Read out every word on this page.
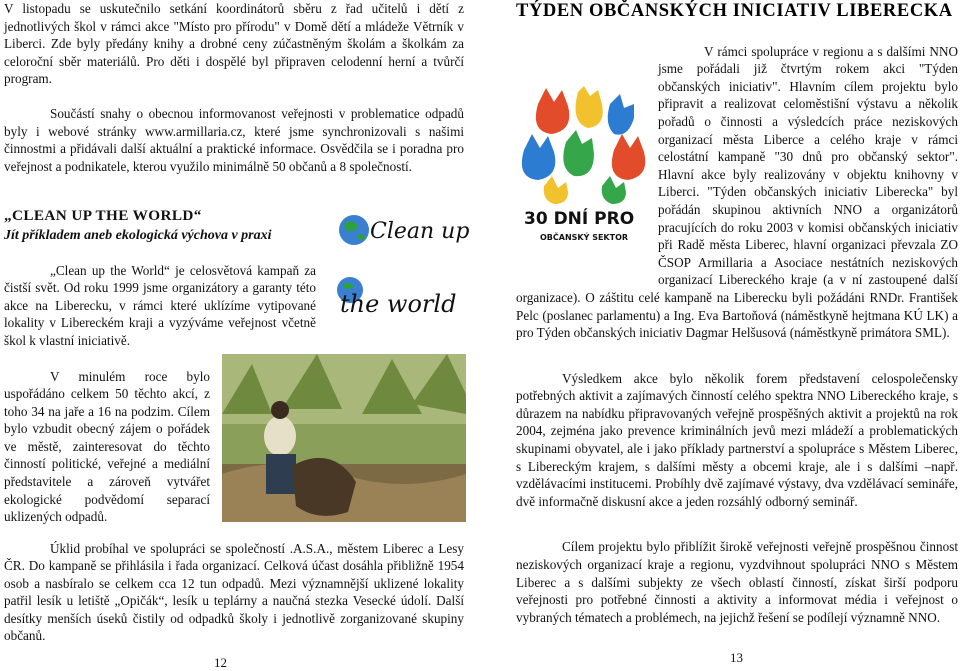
V listopadu se uskutečnilo setkání koordinátorů sběru z řad učitelů i dětí z jednotlivých škol v rámci akce "Místo pro přírodu" v Domě dětí a mládeže Větrník v Liberci. Zde byly předány knihy a drobné ceny zúčastněným školám a školkám za celoroční sběr materiálů. Pro děti i dospělé byl připraven celodenní herní a tvůrčí program.

Součástí snahy o obecnou informovanost veřejnosti v problematice odpadů byly i webové stránky www.armillaria.cz, které jsme synchronizovali s našimi činnostmi a přidávali další aktuální a praktické informace. Osvědčila se i poradna pro veřejnost a podnikatele, kterou využilo minimálně 50 občanů a 8 společností.

„CLEAN UP THE WORLD“

Jít příkladem aneb ekologická výchova v praxi

„Clean up the World“ je celosvětová kampaň za čistší svět. Od roku 1999 jsme organizátory a garanty této akce na Liberecku, v rámci které uklízíme vytipované lokality v Libereckém kraji a vyzýváme veřejnost včetně škol k vlastní iniciativě.

V minulém roce bylo uspořádáno celkem 50 těchto akcí, z toho 34 na jaře a 16 na podzim. Cílem bylo vzbudit obecný zájem o pořádek ve městě, zainteresovat do těchto činností politické, veřejné a mediální představitele a zároveň vytvářet ekologické podvědomí separací uklizených odpadů.

Úklid probíhal ve spolupráci se společností .A.S.A., městem Liberec a Lesy ČR. Do kampaně se přihlásila i řada organizací. Celková účast dosáhla přibližně 1954 osob a nasbíralo se celkem cca 12 tun odpadů. Mezi významnější uklizené lokality patřil lesík u letiště „Opičák“, lesík u teplárny a naučná stezka Vesecké údolí. Další desítky menších úseků čistily od odpadků školy i jednotlivě zorganizované skupiny občanů.

Clean up
the world
12
TÝDEN OBČANSKÝCH INICIATIV LIBERECKA

V rámci spolupráce v regionu a s dalšími NNO jsme pořádali již čtvrtým rokem akci "Týden občanských iniciativ". Hlavním cílem projektu bylo připravit a realizovat celoměstišní výstavu a několik pořadů o činnosti a výsledcích práce neziskových organizací města Liberce a celého kraje v rámci celostátní kampaně "30 dnů pro občanský sektor". Hlavní akce byly realizovány v objektu knihovny v Liberci. "Týden občanských iniciativ Liberecka" byl pořádán skupinou aktivních NNO a organizátorů pracujících do roku 2003 v komisi občanských iniciativ při Radě města Liberec, hlavní organizaci převzala ZO ČSOP Armillaria a Asociace nestátních neziskových organizací Libereckého kraje (a v ní zastoupené další organizace). O záštitu celé kampaně na Liberecku byli požádáni RNDr. František Pelc (poslanec parlamentu) a Ing. Eva Bartoňová (náměstkyně hejtmana KÚ LK) a pro Týden občanských iniciativ Dagmar Helšusová (náměstkyně primátora SML).

Výsledkem akce bylo několik forem představení celospolečensky potřebných aktivit a zajímavých činností celého spektra NNO Libereckého kraje, s důrazem na nabídku připravovaných veřejně prospěšných aktivit a projektů na rok 2004, zejména jako prevence kriminálních jevů mezi mládeží a problematických skupinami obyvatel, ale i jako příklady partnerství a spolupráce s Městem Liberec, s Libereckým krajem, s dalšími městy a obcemi kraje, ale i s dalšími –např. vzdělávacími institucemi. Probíhly dvě zajímavé výstavy, dva vzdělávací semináře, dvě informačně diskusní akce a jeden rozsáhlý odborný seminář.

Cílem projektu bylo přiblížit širokě veřejnosti veřejně prospěšnou činnost neziskových organizací kraje a regionu, vyzdvihnout spolupráci NNO s Městem Liberec a s dalšími subjekty ze všech oblastí činností, získat širší podporu veřejnosti pro potřebné činnosti a aktivity a informovat média i veřejnost o vybraných tématech a problémech, na jejichž řešení se podílejí významně NNO.

30 DNÍ PRO
OBČANSKÝ SEKTOR
13
